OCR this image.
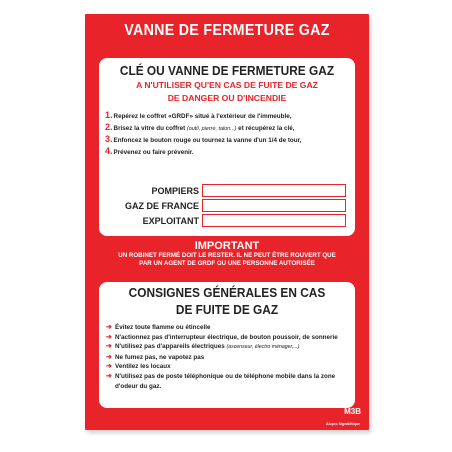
VANNE DE FERMETURE GAZ
CLÉ OU VANNE DE FERMETURE GAZ
A N'UTILISER QU'EN CAS DE FUITE DE GAZ
DE DANGER OU D'INCENDIE
1.Repérez le coffret «GRDF» situé à l'extérieur de l'immeuble,
2.Brisez la vitre du coffret (outil, pierre, talon...) et récupérez la clé,
3.Enfoncez le bouton rouge ou tournez la vanne d'un 1/4 de tour,
4.Prévenez ou faire prévenir.
POMPIERS
GAZ DE FRANCE
EXPLOITANT
IMPORTANT
UN ROBINET FERMÉ DOIT LE RESTER. IL NE PEUT ÊTRE ROUVERT QUE
PAR UN AGENT DE GRDF OU UNE PERSONNE AUTORISÉE
CONSIGNES GÉNÉRALES EN CAS
DE FUITE DE GAZ
➔ Évitez toute flamme ou étincelle
➔ N'actionnez pas d'interrupteur électrique, de bouton poussoir, de sonnerie
➔ N'utilisez pas d'appareils électriques (ascenseur, électro ménager,...)
➔ Ne fumez pas, ne vapotez pas
➔ Ventilez les locaux
➔ N'utilisez pas de poste téléphonique ou de téléphone mobile dans la zone d'odeur du gaz.
M3B
Alupro Signalétique
